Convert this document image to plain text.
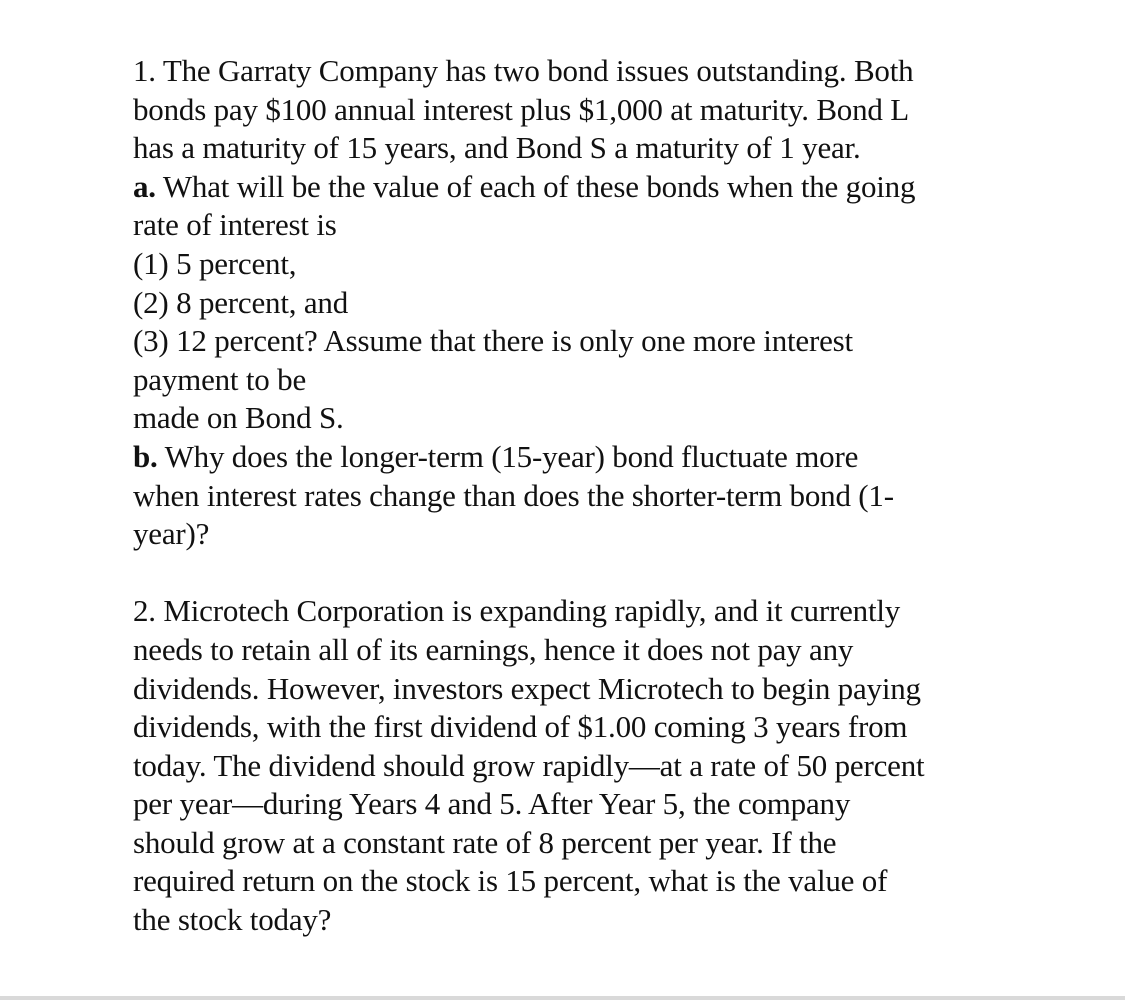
1. The Garraty Company has two bond issues outstanding. Both
bonds pay $100 annual interest plus $1,000 at maturity. Bond L
has a maturity of 15 years, and Bond S a maturity of 1 year.
a. What will be the value of each of these bonds when the going
rate of interest is
(1) 5 percent,
(2) 8 percent, and
(3) 12 percent? Assume that there is only one more interest
payment to be
made on Bond S.
b. Why does the longer-term (15-year) bond fluctuate more
when interest rates change than does the shorter-term bond (1-
year)?
2. Microtech Corporation is expanding rapidly, and it currently
needs to retain all of its earnings, hence it does not pay any
dividends. However, investors expect Microtech to begin paying
dividends, with the first dividend of $1.00 coming 3 years from
today. The dividend should grow rapidly—at a rate of 50 percent
per year—during Years 4 and 5. After Year 5, the company
should grow at a constant rate of 8 percent per year. If the
required return on the stock is 15 percent, what is the value of
the stock today?
